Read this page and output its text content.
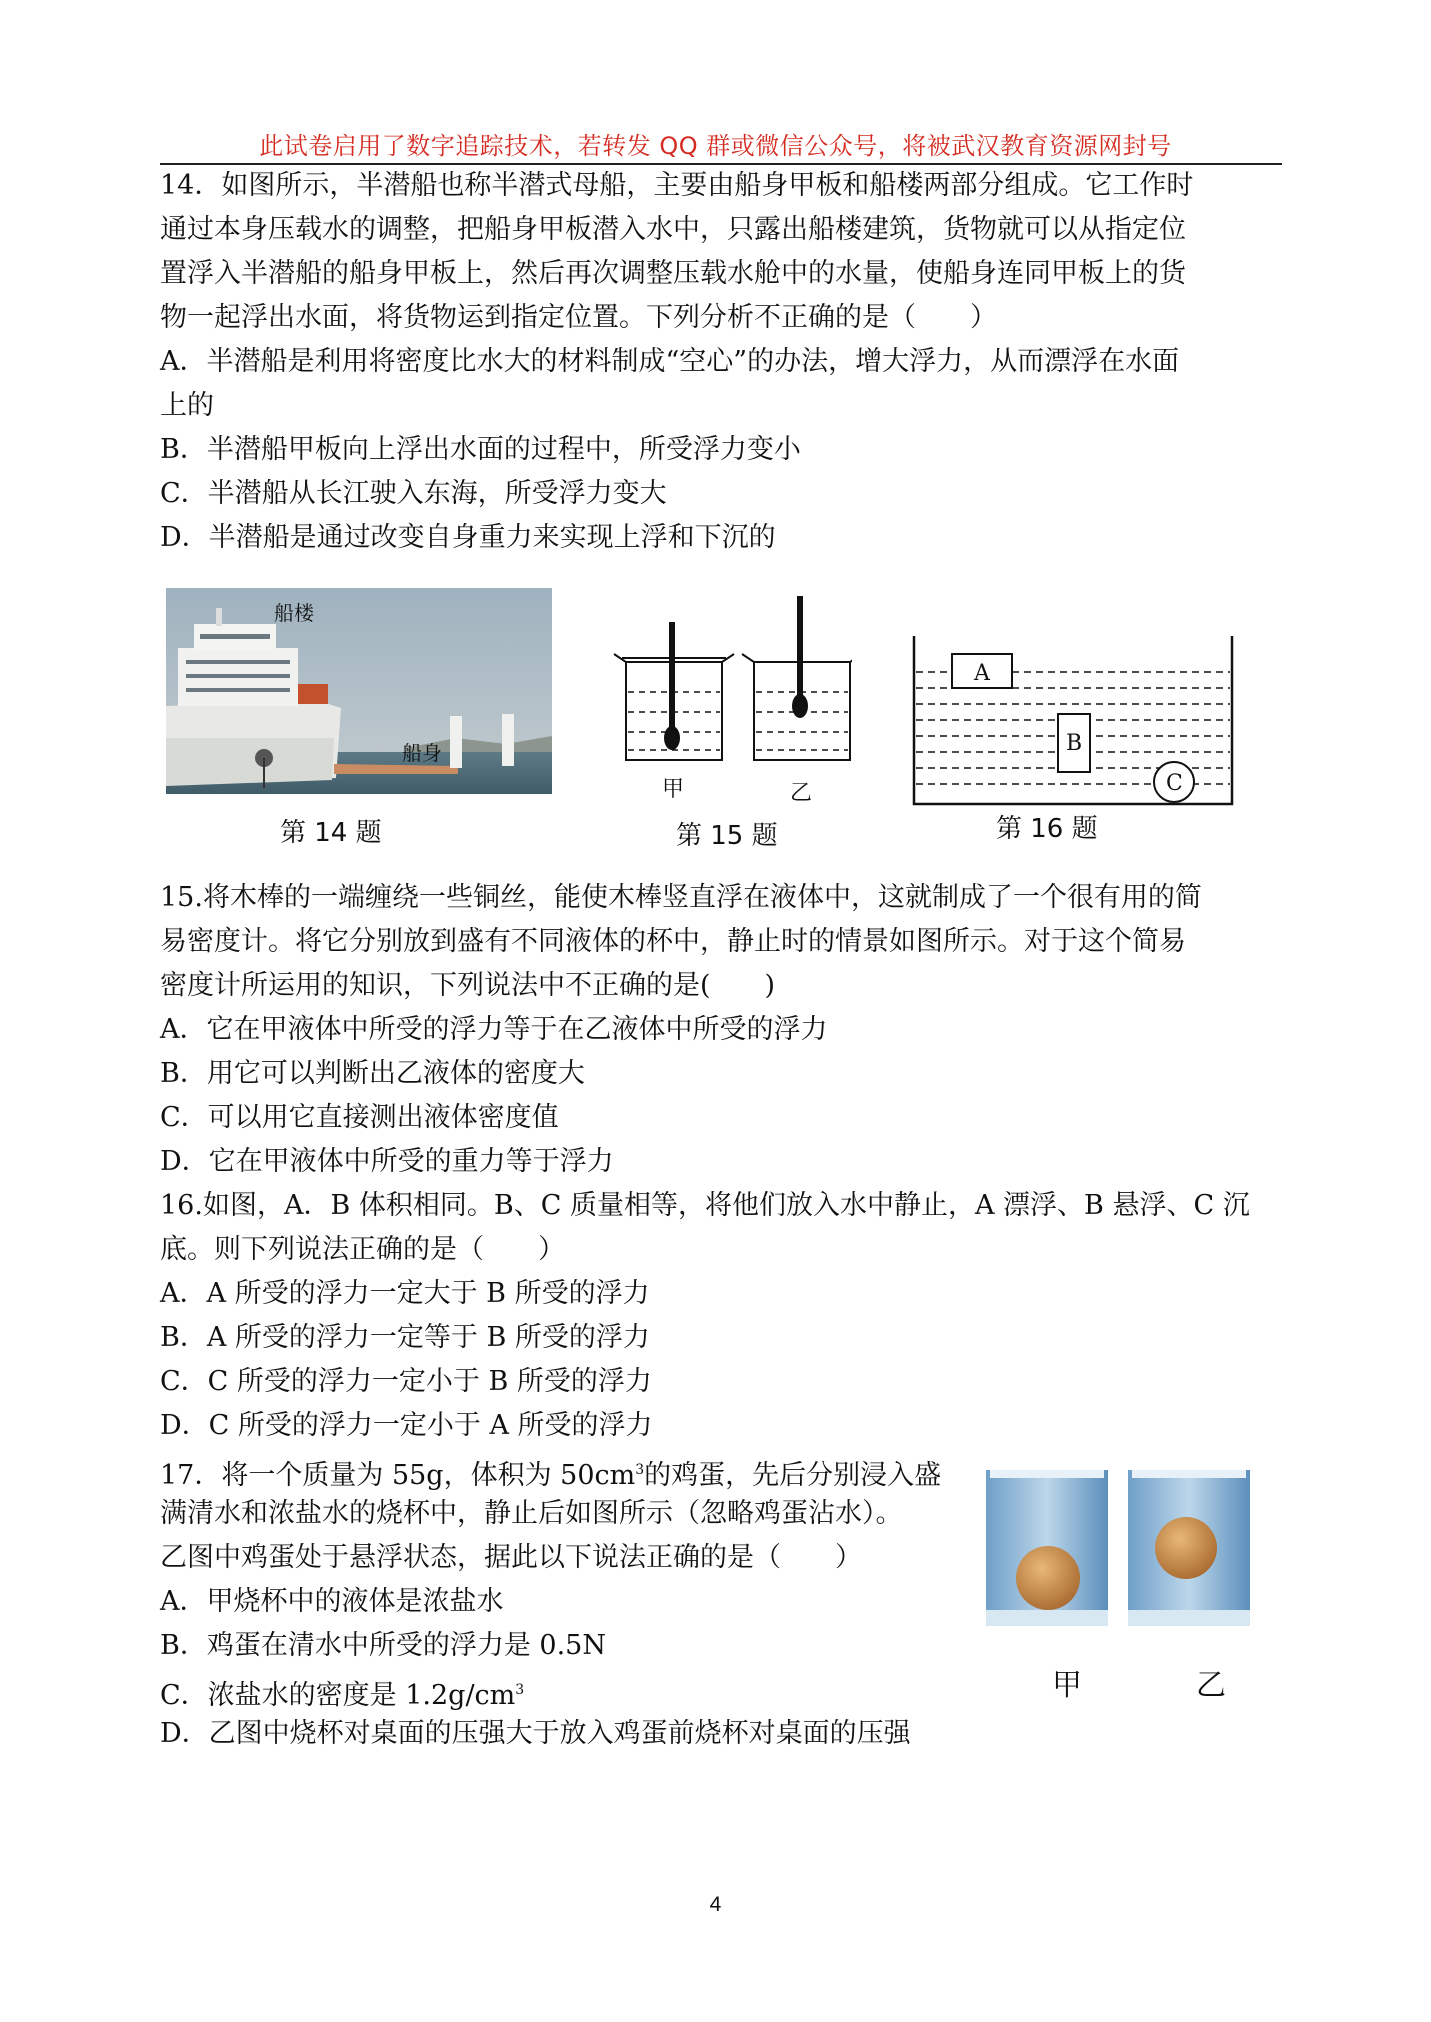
此试卷启用了数字追踪技术，若转发 QQ 群或微信公众号，将被武汉教育资源网封号
14．如图所示，半潜船也称半潜式母船，主要由船身甲板和船楼两部分组成。它工作时
通过本身压载水的调整，把船身甲板潜入水中，只露出船楼建筑，货物就可以从指定位
置浮入半潜船的船身甲板上，然后再次调整压载水舱中的水量，使船身连同甲板上的货
物一起浮出水面，将货物运到指定位置。下列分析不正确的是（　　）
A．半潜船是利用将密度比水大的材料制成“空心”的办法，增大浮力，从而漂浮在水面
上的
B．半潜船甲板向上浮出水面的过程中，所受浮力变小
C．半潜船从长江驶入东海，所受浮力变大
D．半潜船是通过改变自身重力来实现上浮和下沉的
船楼
船身
第 14 题
甲	乙
第 15 题
A
B
C
第 16 题
15.将木棒的一端缠绕一些铜丝，能使木棒竖直浮在液体中，这就制成了一个很有用的简
易密度计。将它分别放到盛有不同液体的杯中，静止时的情景如图所示。对于这个简易
密度计所运用的知识，下列说法中不正确的是(　　)
A．它在甲液体中所受的浮力等于在乙液体中所受的浮力
B．用它可以判断出乙液体的密度大
C．可以用它直接测出液体密度值
D．它在甲液体中所受的重力等于浮力
16.如图，A．B 体积相同。B、C 质量相等，将他们放入水中静止，A 漂浮、B 悬浮、C 沉
底。则下列说法正确的是（　　）
A．A 所受的浮力一定大于 B 所受的浮力
B．A 所受的浮力一定等于 B 所受的浮力
C．C 所受的浮力一定小于 B 所受的浮力
D．C 所受的浮力一定小于 A 所受的浮力
17．将一个质量为 55g，体积为 $50cm^3$的鸡蛋，先后分别浸入盛
满清水和浓盐水的烧杯中，静止后如图所示（忽略鸡蛋沾水）。
乙图中鸡蛋处于悬浮状态，据此以下说法正确的是（　　）
A．甲烧杯中的液体是浓盐水
B．鸡蛋在清水中所受的浮力是 0.5N
C．浓盐水的密度是 $1.2g/cm^3$
D．乙图中烧杯对桌面的压强大于放入鸡蛋前烧杯对桌面的压强
甲	乙
4
